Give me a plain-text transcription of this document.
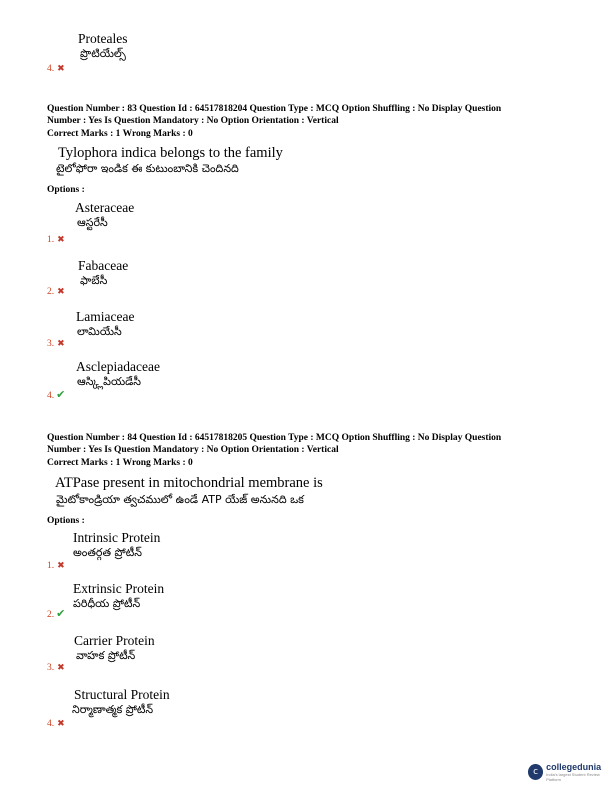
Proteales
ప్రొటియేల్స్
4. ✖
Question Number : 83 Question Id : 64517818204 Question Type : MCQ Option Shuffling : No Display Question
Number : Yes Is Question Mandatory : No Option Orientation : Vertical
Correct Marks : 1 Wrong Marks : 0
Tylophora indica belongs to the family
టైలోఫోరా ఇండిక ఈ కుటుంబానికి చెందినది
Options :
Asteraceae
ఆస్టరేసీ
1. ✖
Fabaceae
ఫాబేసీ
2. ✖
Lamiaceae
లామియేసీ
3. ✖
Asclepiadaceae
ఆస్క్లిపియడేసీ
4. ✔
Question Number : 84 Question Id : 64517818205 Question Type : MCQ Option Shuffling : No Display Question
Number : Yes Is Question Mandatory : No Option Orientation : Vertical
Correct Marks : 1 Wrong Marks : 0
ATPase present in mitochondrial membrane is
మైటోకాండ్రియా త్వచములో ఉండే ATP యేజ్ అనునది ఒక
Options :
Intrinsic Protein
అంతర్గత ప్రోటీన్
1. ✖
Extrinsic Protein
పరిధీయ ప్రోటీన్
2. ✔
Carrier Protein
వాహక ప్రోటీన్
3. ✖
Structural Protein
నిర్మాణాత్మక ప్రోటీన్
4. ✖
c collegedunia
India's largest Student Review Platform
